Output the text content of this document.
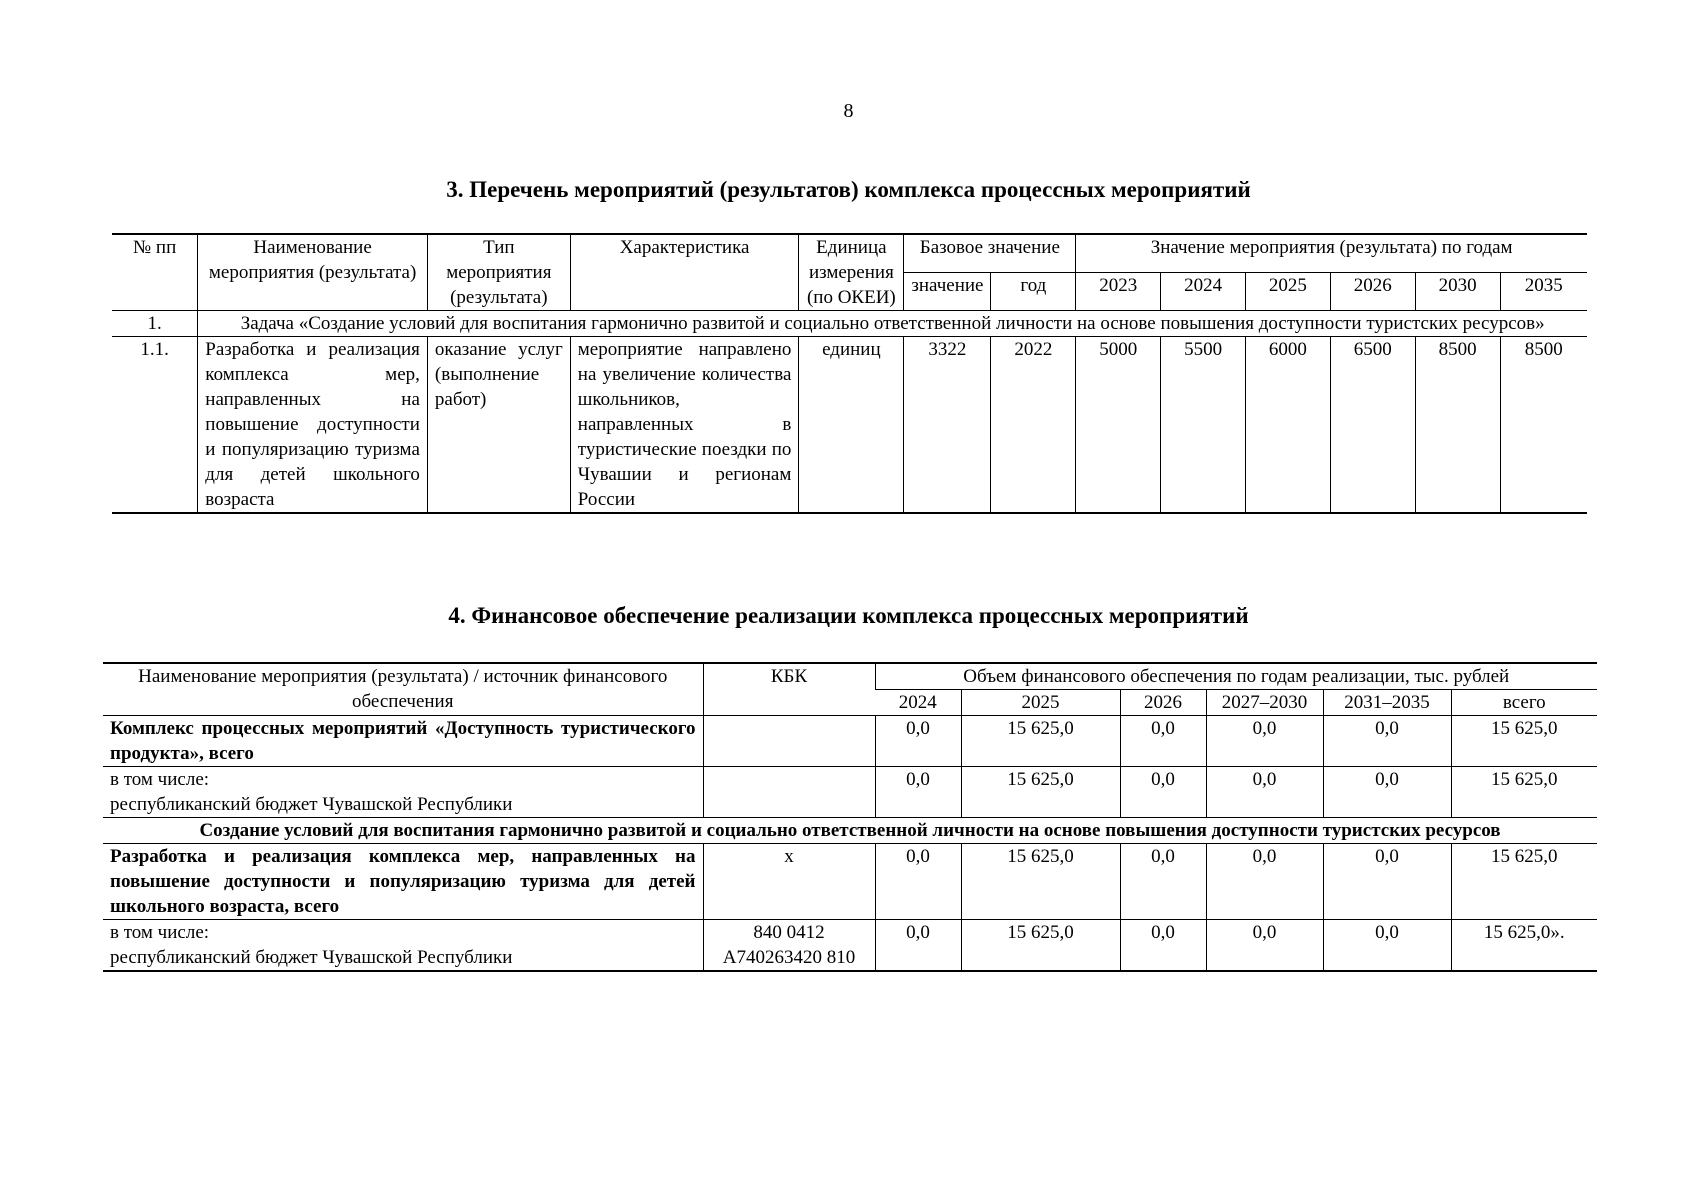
8
3. Перечень мероприятий (результатов) комплекса процессных мероприятий
№ пп	Наименование мероприятия (результата)	Тип мероприятия (результата)	Характеристика	Единица измерения (по ОКЕИ)	Базовое значение		Значение мероприятия (результата) по годам					
					значение	год	2023	2024	2025	2026	2030	2035
1.	Задача «Создание условий для воспитания гармонично развитой и социально ответственной личности на основе повышения доступности туристских ресурсов»											
1.1.	Разработка и реализация комплекса мер, направленных на повышение доступности и популяризацию туризма для детей школьного возраста	оказание услуг (выполнение работ)	мероприятие направлено на увеличение количества школьников, направленных в туристические поездки по Чувашии и регионам России	единиц	3322	2022	5000	5500	6000	6500	8500	8500
4. Финансовое обеспечение реализации комплекса процессных мероприятий
Наименование мероприятия (результата) / источник финансового обеспечения	КБК	Объем финансового обеспечения по годам реализации, тыс. рублей					
		2024	2025	2026	2027–2030	2031–2035	всего
Комплекс процессных мероприятий «Доступность туристического продукта», всего		0,0	15 625,0	0,0	0,0	0,0	15 625,0
в том числе:
республиканский бюджет Чувашской Республики		0,0	15 625,0	0,0	0,0	0,0	15 625,0
Создание условий для воспитания гармонично развитой и социально ответственной личности на основе повышения доступности туристских ресурсов							
Разработка и реализация комплекса мер, направленных на повышение доступности и популяризацию туризма для детей школьного возраста, всего	х	0,0	15 625,0	0,0	0,0	0,0	15 625,0
в том числе:
республиканский бюджет Чувашской Республики	840 0412 А740263420 810	0,0	15 625,0	0,0	0,0	0,0	15 625,0».
